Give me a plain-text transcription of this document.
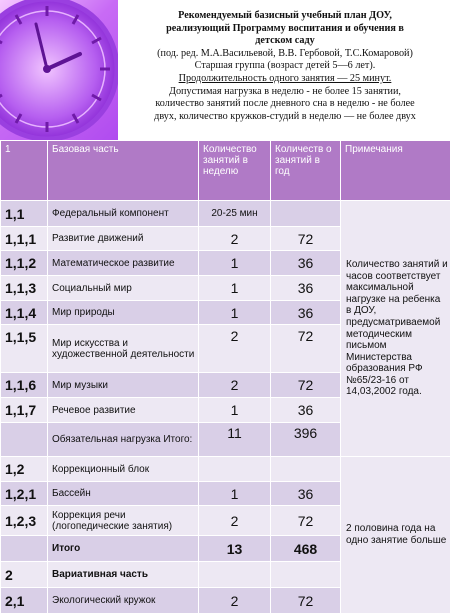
Рекомендуемый базисный учебный план ДОУ,
реализующий Программу воспитания и обучения в
детском саду
(под. ред. М.А.Васильевой, В.В. Гербовой, Т.С.Комаровой)
Старшая группа (возраст детей 5—6 лет).
Продолжительность одного занятия — 25 минут.
Допустимая нагрузка в неделю - не более 15 занятии,
количество занятий после дневного сна в неделю - не более
двух, количество кружков-студий в неделю — не более двух
1	Базовая часть	Количество занятий в неделю	Количеств о занятий в год	Примечания
1,1	Федеральный компонент	20-25 мин		Количество занятий и часов соответствует максимальной нагрузке на ребенка в ДОУ, предусматриваемой методическим письмом Министерства образования РФ №65/23-16 от 14,03,2002 года.
1,1,1	Развитие движений	2	72	
1,1,2	Математическое развитие	1	36	
1,1,3	Социальный мир	1	36	
1,1,4	Мир природы	1	36	
1,1,5	Мир искусства и художественной деятельности	2	72	
1,1,6	Мир музыки	2	72	
1,1,7	Речевое развитие	1	36	
	Обязательная нагрузка Итого:	11	396	
1,2	Коррекционный блок			2 половина года на одно занятие больше
1,2,1	Бассейн	1	36	
1,2,3	Коррекция речи (логопедические занятия)	2	72	
	Итого	13	468	
2	Вариативная часть			
2,1	Экологический кружок	2	72	
